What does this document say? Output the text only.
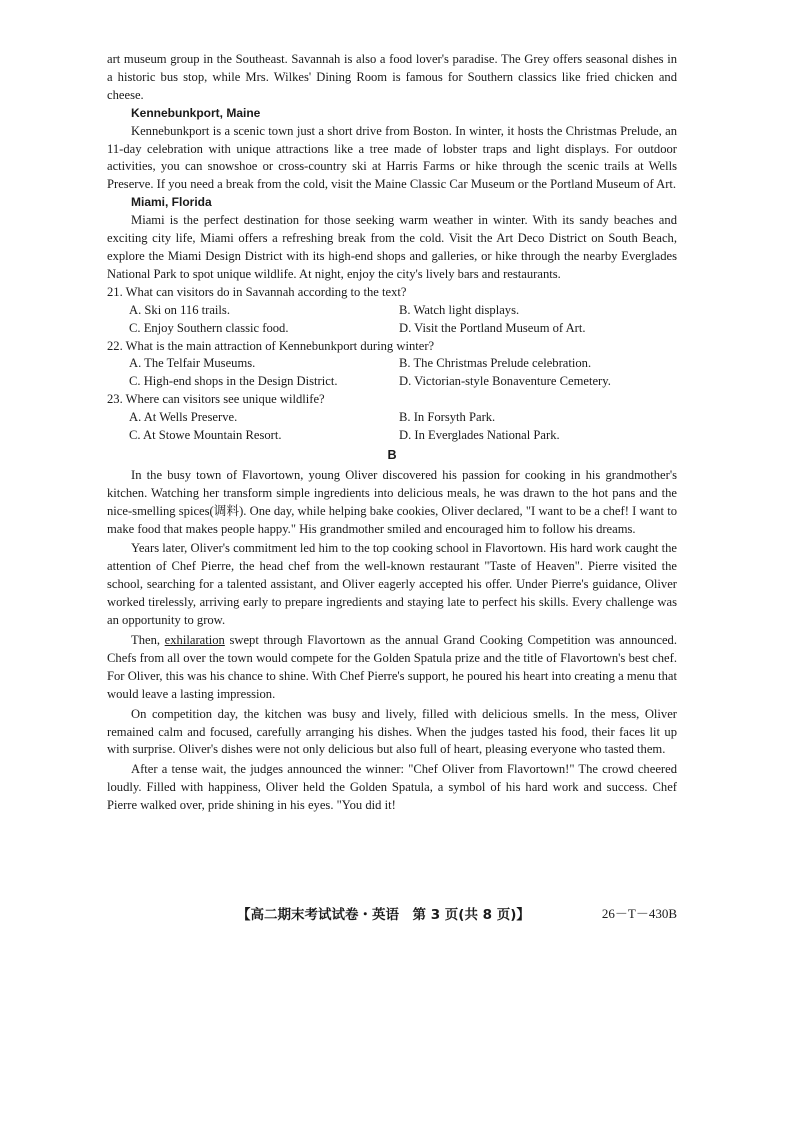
art museum group in the Southeast. Savannah is also a food lover's paradise. The Grey offers seasonal dishes in a historic bus stop, while Mrs. Wilkes' Dining Room is famous for Southern classics like fried chicken and cheese.

Kennebunkport, Maine

Kennebunkport is a scenic town just a short drive from Boston. In winter, it hosts the Christmas Prelude, an 11-day celebration with unique attractions like a tree made of lobster traps and light displays. For outdoor activities, you can snowshoe or cross-country ski at Harris Farms or hike through the scenic trails at Wells Preserve. If you need a break from the cold, visit the Maine Classic Car Museum or the Portland Museum of Art.

Miami, Florida

Miami is the perfect destination for those seeking warm weather in winter. With its sandy beaches and exciting city life, Miami offers a refreshing break from the cold. Visit the Art Deco District on South Beach, explore the Miami Design District with its high-end shops and galleries, or hike through the nearby Everglades National Park to spot unique wildlife. At night, enjoy the city's lively bars and restaurants.

21. What can visitors do in Savannah according to the text?

A. Ski on 116 trails.	B. Watch light displays.
C. Enjoy Southern classic food.	D. Visit the Portland Museum of Art.

22. What is the main attraction of Kennebunkport during winter?

A. The Telfair Museums.	B. The Christmas Prelude celebration.
C. High-end shops in the Design District.	D. Victorian-style Bonaventure Cemetery.

23. Where can visitors see unique wildlife?

A. At Wells Preserve.	B. In Forsyth Park.
C. At Stowe Mountain Resort.	D. In Everglades National Park.

B

In the busy town of Flavortown, young Oliver discovered his passion for cooking in his grandmother's kitchen. Watching her transform simple ingredients into delicious meals, he was drawn to the hot pans and the nice-smelling spices(调料). One day, while helping bake cookies, Oliver declared, "I want to be a chef! I want to make food that makes people happy." His grandmother smiled and encouraged him to follow his dreams.

Years later, Oliver's commitment led him to the top cooking school in Flavortown. His hard work caught the attention of Chef Pierre, the head chef from the well-known restaurant "Taste of Heaven". Pierre visited the school, searching for a talented assistant, and Oliver eagerly accepted his offer. Under Pierre's guidance, Oliver worked tirelessly, arriving early to prepare ingredients and staying late to perfect his skills. Every challenge was an opportunity to grow.

Then, exhilaration swept through Flavortown as the annual Grand Cooking Competition was announced. Chefs from all over the town would compete for the Golden Spatula prize and the title of Flavortown's best chef. For Oliver, this was his chance to shine. With Chef Pierre's support, he poured his heart into creating a menu that would leave a lasting impression.

On competition day, the kitchen was busy and lively, filled with delicious smells. In the mess, Oliver remained calm and focused, carefully arranging his dishes. When the judges tasted his food, their faces lit up with surprise. Oliver's dishes were not only delicious but also full of heart, pleasing everyone who tasted them.

After a tense wait, the judges announced the winner: "Chef Oliver from Flavortown!" The crowd cheered loudly. Filled with happiness, Oliver held the Golden Spatula, a symbol of his hard work and success. Chef Pierre walked over, pride shining in his eyes. "You did it!

【高二期末考试试卷・英语　第 3 页(共 8 页)】	26－T－430B
